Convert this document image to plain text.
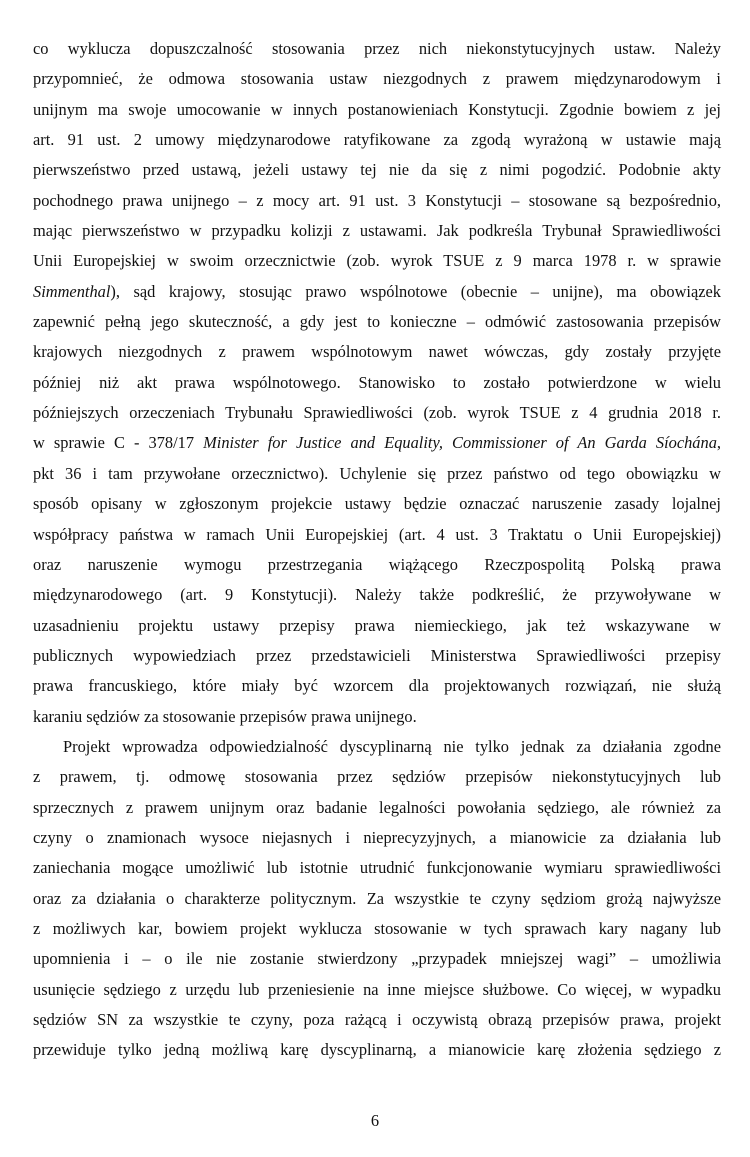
co wyklucza dopuszczalność stosowania przez nich niekonstytucyjnych ustaw. Należy
przypomnieć, że odmowa stosowania ustaw niezgodnych z prawem międzynarodowym i
unijnym ma swoje umocowanie w innych postanowieniach Konstytucji. Zgodnie bowiem z jej
art. 91 ust. 2 umowy międzynarodowe ratyfikowane za zgodą wyrażoną w ustawie mają
pierwszeństwo przed ustawą, jeżeli ustawy tej nie da się z nimi pogodzić. Podobnie akty
pochodnego prawa unijnego – z mocy art. 91 ust. 3 Konstytucji – stosowane są bezpośrednio,
mając pierwszeństwo w przypadku kolizji z ustawami. Jak podkreśla Trybunał Sprawiedliwości
Unii Europejskiej w swoim orzecznictwie (zob. wyrok TSUE z 9 marca 1978 r. w sprawie
Simmenthal), sąd krajowy, stosując prawo wspólnotowe (obecnie – unijne), ma obowiązek
zapewnić pełną jego skuteczność, a gdy jest to konieczne – odmówić zastosowania przepisów
krajowych niezgodnych z prawem wspólnotowym nawet wówczas, gdy zostały przyjęte
później niż akt prawa wspólnotowego. Stanowisko to zostało potwierdzone w wielu
późniejszych orzeczeniach Trybunału Sprawiedliwości (zob. wyrok TSUE z 4 grudnia 2018 r.
w sprawie C - 378/17 Minister for Justice and Equality, Commissioner of An Garda Síochána,
pkt 36 i tam przywołane orzecznictwo). Uchylenie się przez państwo od tego obowiązku w
sposób opisany w zgłoszonym projekcie ustawy będzie oznaczać naruszenie zasady lojalnej
współpracy państwa w ramach Unii Europejskiej (art. 4 ust. 3 Traktatu o Unii Europejskiej)
oraz naruszenie wymogu przestrzegania wiążącego Rzeczpospolitą Polską prawa
międzynarodowego (art. 9 Konstytucji). Należy także podkreślić, że przywoływane w
uzasadnieniu projektu ustawy przepisy prawa niemieckiego, jak też wskazywane w
publicznych wypowiedziach przez przedstawicieli Ministerstwa Sprawiedliwości przepisy
prawa francuskiego, które miały być wzorcem dla projektowanych rozwiązań, nie służą
karaniu sędziów za stosowanie przepisów prawa unijnego.
Projekt wprowadza odpowiedzialność dyscyplinarną nie tylko jednak za działania zgodne
z prawem, tj. odmowę stosowania przez sędziów przepisów niekonstytucyjnych lub
sprzecznych z prawem unijnym oraz badanie legalności powołania sędziego, ale również za
czyny o znamionach wysoce niejasnych i nieprecyzyjnych, a mianowicie za działania lub
zaniechania mogące umożliwić lub istotnie utrudnić funkcjonowanie wymiaru sprawiedliwości
oraz za działania o charakterze politycznym. Za wszystkie te czyny sędziom grożą najwyższe
z możliwych kar, bowiem projekt wyklucza stosowanie w tych sprawach kary nagany lub
upomnienia i – o ile nie zostanie stwierdzony „przypadek mniejszej wagi” – umożliwia
usunięcie sędziego z urzędu lub przeniesienie na inne miejsce służbowe. Co więcej, w wypadku
sędziów SN za wszystkie te czyny, poza rażącą i oczywistą obrazą przepisów prawa, projekt
przewiduje tylko jedną możliwą karę dyscyplinarną, a mianowicie karę złożenia sędziego z
6
